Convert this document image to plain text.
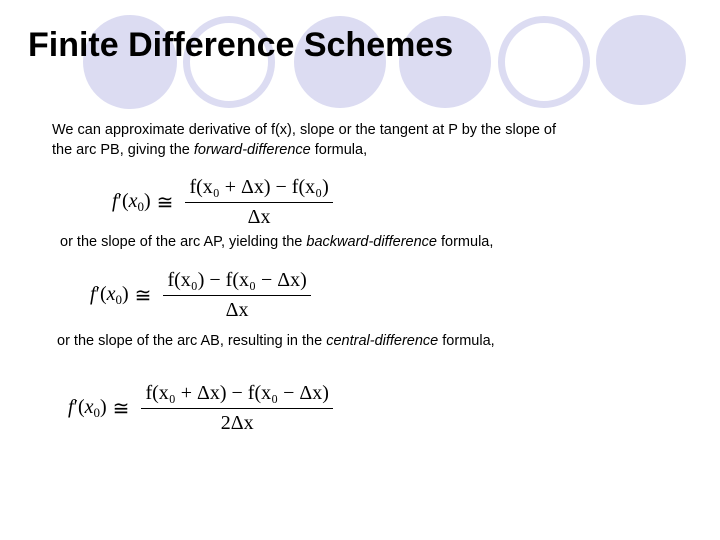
Finite Difference Schemes
We can approximate derivative of f(x), slope or the tangent at P by the slope of
the arc PB, giving the forward-difference formula,
$f'(x_0)$ ≅ $\frac{\text{f(x₀ + Δx) − f(x₀)}}{\Delta x}$
or the slope of the arc AP, yielding the backward-difference formula,
$f'(x_0)$ ≅ $\frac{\text{f(x₀) − f(x₀ − Δx)}}{\Delta x}$
or the slope of the arc AB, resulting in the central-difference formula,
$f'(x_0)$ ≅ $\frac{\text{f(x₀ + Δx) − f(x₀ − Δx)}}{2\Delta x}$
